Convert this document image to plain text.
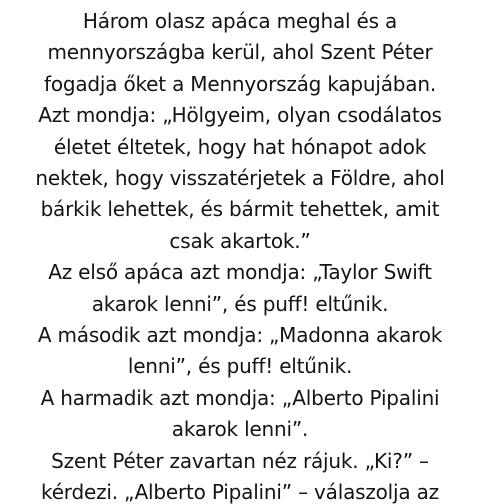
Három olasz apáca meghal és a
mennyországba kerül, ahol Szent Péter
fogadja őket a Mennyország kapujában.
Azt mondja: „Hölgyeim, olyan csodálatos
életet éltetek, hogy hat hónapot adok
nektek, hogy visszatérjetek a Földre, ahol
bárkik lehettek, és bármit tehettek, amit
csak akartok.”
Az első apáca azt mondja: „Taylor Swift
akarok lenni”, és puff! eltűnik.
A második azt mondja: „Madonna akarok
lenni”, és puff! eltűnik.
A harmadik azt mondja: „Alberto Pipalini
akarok lenni”.
Szent Péter zavartan néz rájuk. „Ki?” –
kérdezi. „Alberto Pipalini” – válaszolja az
